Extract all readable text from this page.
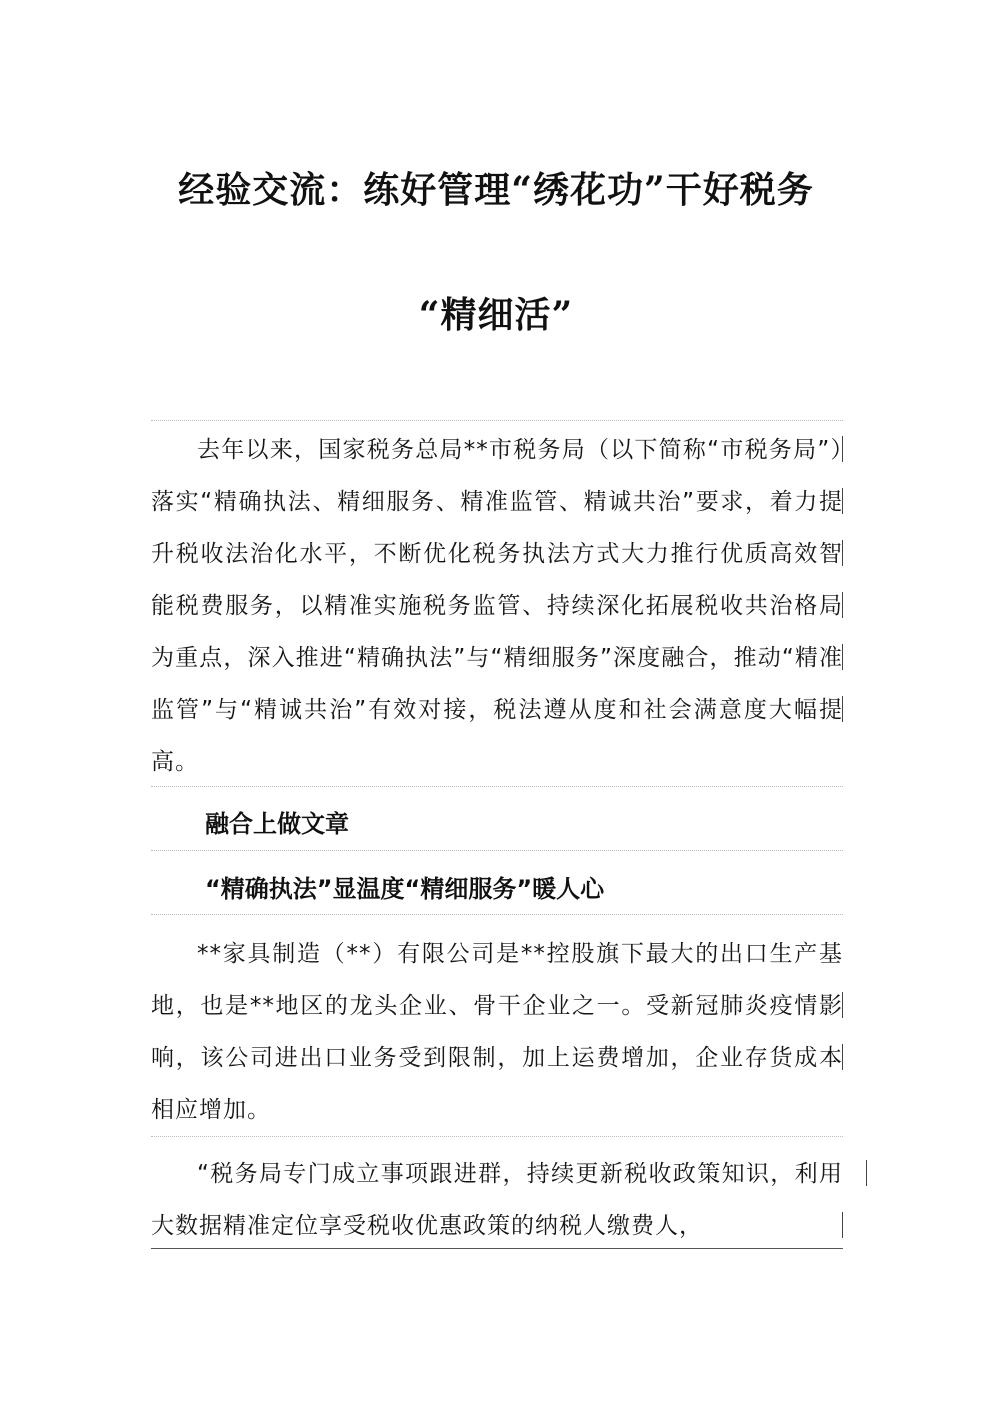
经验交流：练好管理“绣花功”干好税务
“精细活”

去年以来，国家税务总局**市税务局（以下简称“市税务局”）落实“精确执法、精细服务、精准监管、精诚共治”要求，着力提升税收法治化水平，不断优化税务执法方式大力推行优质高效智能税费服务，以精准实施税务监管、持续深化拓展税收共治格局为重点，深入推进“精确执法”与“精细服务”深度融合，推动“精准监管”与“精诚共治”有效对接，税法遵从度和社会满意度大幅提高。

融合上做文章

“精确执法”显温度“精细服务”暖人心

**家具制造（**）有限公司是**控股旗下最大的出口生产基地，也是**地区的龙头企业、骨干企业之一。受新冠肺炎疫情影响，该公司进出口业务受到限制，加上运费增加，企业存货成本相应增加。

“税务局专门成立事项跟进群，持续更新税收政策知识，利用大数据精准定位享受税收优惠政策的纳税人缴费人，
